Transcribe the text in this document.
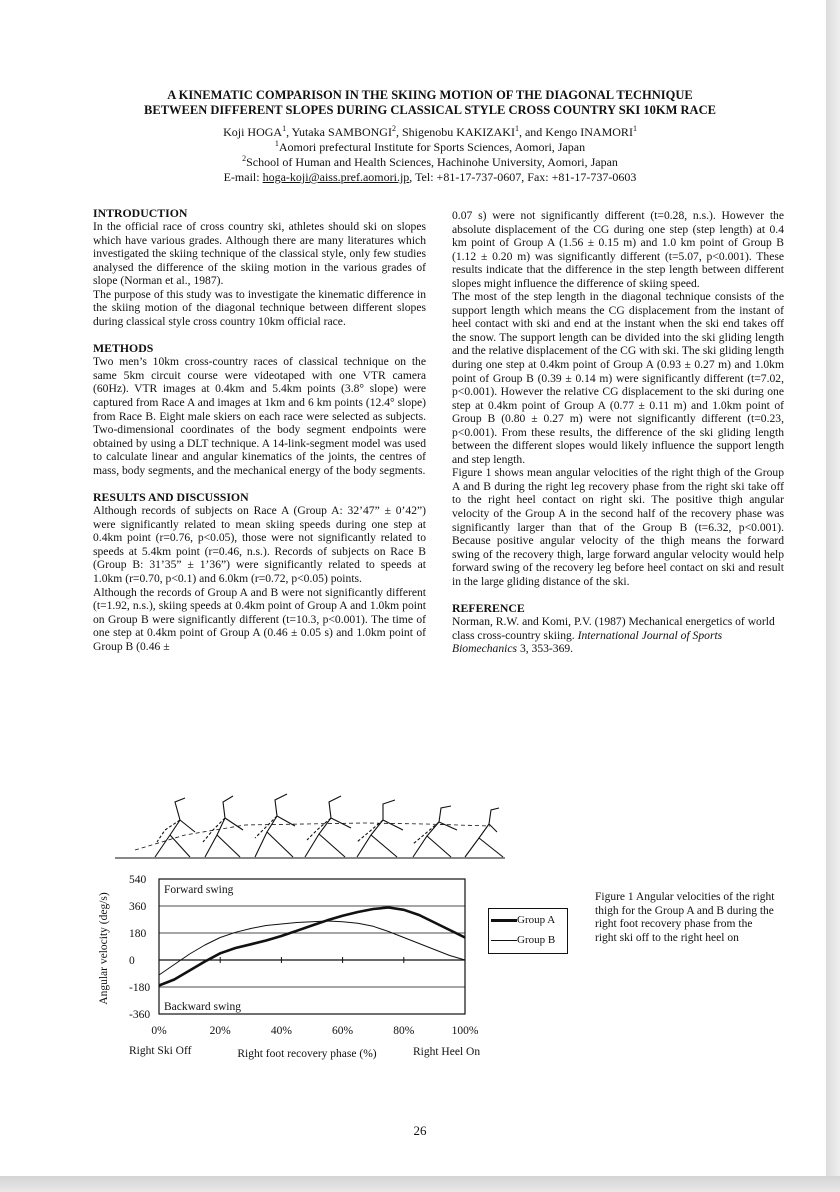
A KINEMATIC COMPARISON IN THE SKIING MOTION OF THE DIAGONAL TECHNIQUE
BETWEEN DIFFERENT SLOPES DURING CLASSICAL STYLE CROSS COUNTRY SKI 10KM RACE
Koji HOGA$^1$, Yutaka SAMBONGI$^2$, Shigenobu KAKIZAKI$^1$, and Kengo INAMORI$^1$
$^1$Aomori prefectural Institute for Sports Sciences, Aomori, Japan
$^2$School of Human and Health Sciences, Hachinohe University, Aomori, Japan
E-mail: hoga-koji@aiss.pref.aomori.jp, Tel: +81-17-737-0607, Fax: +81-17-737-0603
INTRODUCTION

In the official race of cross country ski, athletes should ski on slopes which have various grades. Although there are many literatures which investigated the skiing technique of the classical style, only few studies analysed the difference of the skiing motion in the various grades of slope (Norman et al., 1987).

The purpose of this study was to investigate the kinematic difference in the skiing motion of the diagonal technique between different slopes during classical style cross country 10km official race.

METHODS

Two men’s 10km cross-country races of classical technique on the same 5km circuit course were videotaped with one VTR camera (60Hz). VTR images at 0.4km and 5.4km points (3.8° slope) were captured from Race A and images at 1km and 6 km points (12.4° slope) from Race B. Eight male skiers on each race were selected as subjects. Two-dimensional coordinates of the body segment endpoints were obtained by using a DLT technique. A 14-link-segment model was used to calculate linear and angular kinematics of the joints, the centres of mass, body segments, and the mechanical energy of the body segments.

RESULTS AND DISCUSSION

Although records of subjects on Race A (Group A: 32’47” ± 0’42”) were significantly related to mean skiing speeds during one step at 0.4km point (r=0.76, p<0.05), those were not significantly related to speeds at 5.4km point (r=0.46, n.s.). Records of subjects on Race B (Group B: 31’35” ± 1’36”) were significantly related to speeds at 1.0km (r=0.70, p<0.1) and 6.0km (r=0.72, p<0.05) points.

Although the records of Group A and B were not significantly different (t=1.92, n.s.), skiing speeds at 0.4km point of Group A and 1.0km point on Group B were significantly different (t=10.3, p<0.001). The time of one step at 0.4km point of Group A (0.46 ± 0.05 s) and 1.0km point of Group B (0.46 ±

0.07 s) were not significantly different (t=0.28, n.s.). However the absolute displacement of the CG during one step (step length) at 0.4 km point of Group A (1.56 ± 0.15 m) and 1.0 km point of Group B (1.12 ± 0.20 m) was significantly different (t=5.07, p<0.001). These results indicate that the difference in the step length between different slopes might influence the difference of skiing speed.

The most of the step length in the diagonal technique consists of the support length which means the CG displacement from the instant of heel contact with ski and end at the instant when the ski end takes off the snow. The support length can be divided into the ski gliding length and the relative displacement of the CG with ski. The ski gliding length during one step at 0.4km point of Group A (0.93 ± 0.27 m) and 1.0km point of Group B (0.39 ± 0.14 m) were significantly different (t=7.02, p<0.001). However the relative CG displacement to the ski during one step at 0.4km point of Group A (0.77 ± 0.11 m) and 1.0km point of Group B (0.80 ± 0.27 m) were not significantly different (t=0.23, p<0.001). From these results, the difference of the ski gliding length between the different slopes would likely influence the support length and step length.

Figure 1 shows mean angular velocities of the right thigh of the Group A and B during the right leg recovery phase from the right ski take off to the right heel contact on right ski. The positive thigh angular velocity of the Group A in the second half of the recovery phase was significantly larger than that of the Group B (t=6.32, p<0.001). Because positive angular velocity of the thigh means the forward swing of the recovery thigh, large forward angular velocity would help forward swing of the recovery leg before heel contact on ski and result in the large gliding distance of the ski.

REFERENCE

Norman, R.W. and Komi, P.V. (1987) Mechanical energetics of world class cross-country skiing. International Journal of Sports Biomechanics 3, 353-369.

540
360
180
0
-180
-360
0%	20%	40%	60%	80%	100%
Right Ski Off	Right Heel On
Right foot recovery phase (%)
Angular velocity (deg/s)
Forward swing
Backward swing
Group A
Group B
Figure 1 Angular velocities of the right thigh for the Group A and B during the right foot recovery phase from the right ski off to the right heel on
26
